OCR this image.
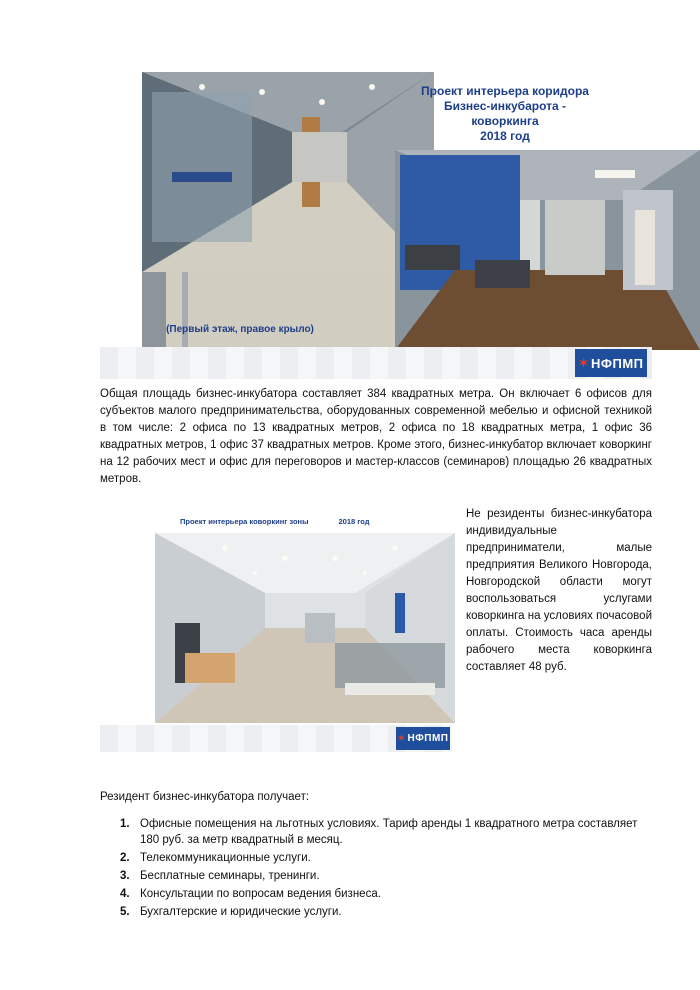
Проект интерьера коридора
Бизнес-инкубарота -
коворкинга
2018 год
(Первый этаж, правое крыло)
✶ НФПМП
Общая площадь бизнес-инкубатора составляет 384 квадратных метра. Он включает 6 офисов для субъектов малого предпринимательства, оборудованных современной мебелью и офисной техникой в том числе: 2 офиса по 13 квадратных метров, 2 офиса по 18 квадратных метра, 1 офис 36 квадратных метров, 1 офис 37 квадратных метров. Кроме этого, бизнес-инкубатор включает коворкинг на 12 рабочих мест и офис для переговоров и мастер-классов (семинаров) площадью 26 квадратных метров.
Проект интерьера коворкинг зоны	2018 год
✶ НФПМП
Не резиденты бизнес-инкубатора индивидуальные предприниматели, малые предприятия Великого Новгорода, Новгородской области могут воспользоваться услугами коворкинга на условиях почасовой оплаты. Стоимость часа аренды рабочего места коворкинга составляет 48 руб.
Резидент бизнес-инкубатора получает:
1. Офисные помещения на льготных условиях. Тариф аренды 1 квадратного метра составляет 180 руб. за метр квадратный в месяц.
2. Телекоммуникационные услуги.
3. Бесплатные семинары, тренинги.
4. Консультации по вопросам ведения бизнеса.
5. Бухгалтерские и юридические услуги.
